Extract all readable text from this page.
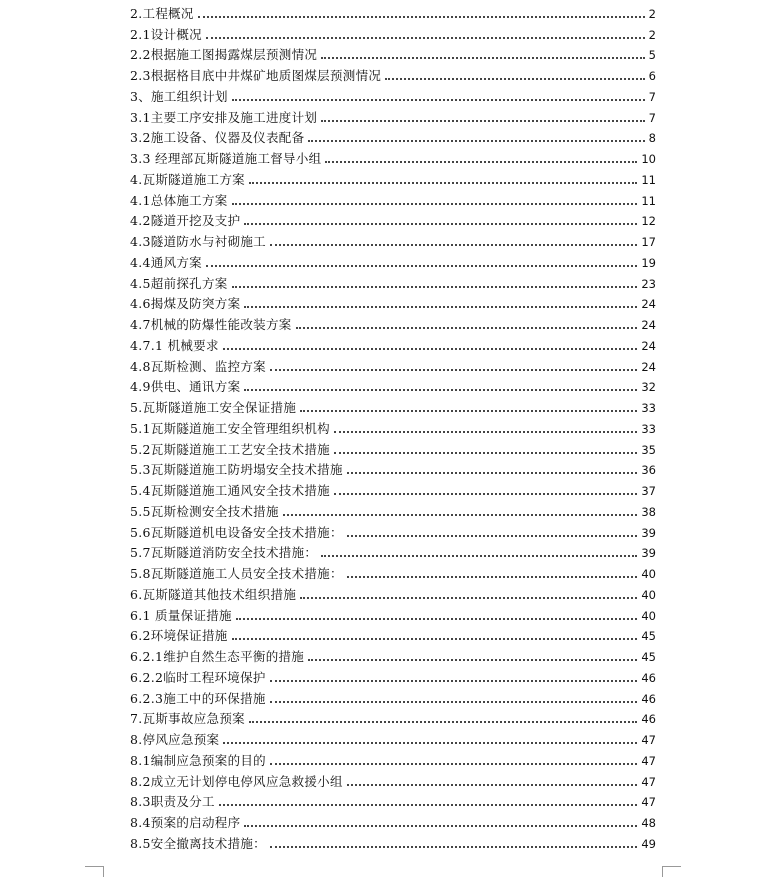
2.工程概况	2
2.1设计概况	2
2.2根据施工图揭露煤层预测情况	5
2.3根据格目底中井煤矿地质图煤层预测情况	6
3、施工组织计划	7
3.1主要工序安排及施工进度计划	7
3.2施工设备、仪器及仪表配备	8
3.3 经理部瓦斯隧道施工督导小组	10
4.瓦斯隧道施工方案	11
4.1总体施工方案	11
4.2隧道开挖及支护	12
4.3隧道防水与衬砌施工	17
4.4通风方案	19
4.5超前探孔方案	23
4.6揭煤及防突方案	24
4.7机械的防爆性能改装方案	24
4.7.1 机械要求	24
4.8瓦斯检测、监控方案	24
4.9供电、通讯方案	32
5.瓦斯隧道施工安全保证措施	33
5.1瓦斯隧道施工安全管理组织机构	33
5.2瓦斯隧道施工工艺安全技术措施	35
5.3瓦斯隧道施工防坍塌安全技术措施	36
5.4瓦斯隧道施工通风安全技术措施	37
5.5瓦斯检测安全技术措施	38
5.6瓦斯隧道机电设备安全技术措施：	39
5.7瓦斯隧道消防安全技术措施：	39
5.8瓦斯隧道施工人员安全技术措施：	40
6.瓦斯隧道其他技术组织措施	40
6.1 质量保证措施	40
6.2环境保证措施	45
6.2.1维护自然生态平衡的措施	45
6.2.2临时工程环境保护	46
6.2.3施工中的环保措施	46
7.瓦斯事故应急预案	46
8.停风应急预案	47
8.1编制应急预案的目的	47
8.2成立无计划停电停风应急救援小组	47
8.3职责及分工	47
8.4预案的启动程序	48
8.5安全撤离技术措施：	49
